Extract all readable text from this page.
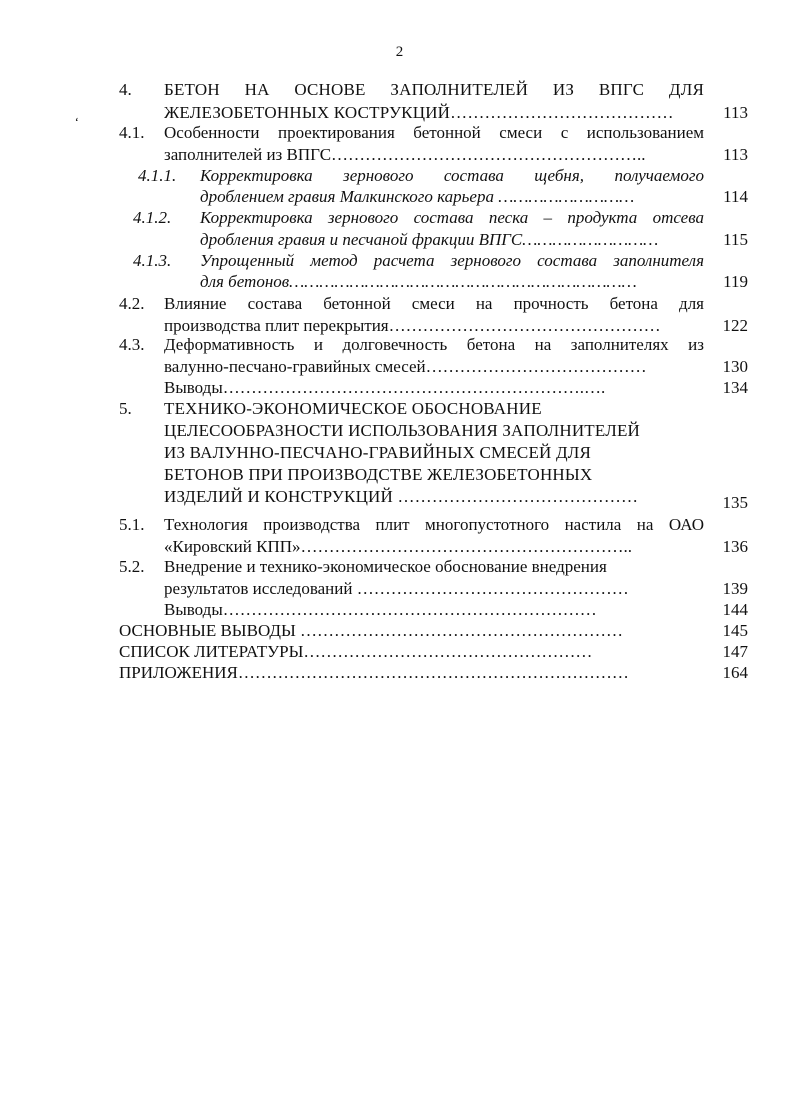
2
ʻ
4. БЕТОН НА ОСНОВЕ ЗАПОЛНИТЕЛЕЙ ИЗ ВПГС ДЛЯ
ЖЕЛЕЗОБЕТОННЫХ КОСТРУКЦИЙ…………………………………	113
4.1. Особенности проектирования бетонной смеси с использованием
заполнителей из ВПГС………………………………………………..	113
4.1.1. Корректировка зернового состава щебня, получаемого
дроблением гравия Малкинского карьера ………………………	114
4.1.2. Корректировка зернового состава песка – продукта отсева
дробления гравия и песчаной фракции ВПГС………………………	115
4.1.3. Упрощенный метод расчета зернового состава заполнителя
для бетонов……………………………………………………………	119
4.2. Влияние состава бетонной смеси на прочность бетона для
производства плит перекрытия…………………………………………	122
4.3. Деформативность и долговечность бетона на заполнителях из
валунно-песчано-гравийных смесей…………………………………	130
Выводы……………………………………………………….….	134
5. ТЕХНИКО-ЭКОНОМИЧЕСКОЕ ОБОСНОВАНИЕ
ЦЕЛЕСООБРАЗНОСТИ ИСПОЛЬЗОВАНИЯ ЗАПОЛНИТЕЛЕЙ
ИЗ ВАЛУННО-ПЕСЧАНО-ГРАВИЙНЫХ СМЕСЕЙ ДЛЯ
БЕТОНОВ ПРИ ПРОИЗВОДСТВЕ ЖЕЛЕЗОБЕТОННЫХ
ИЗДЕЛИЙ И КОНСТРУКЦИЙ ……………………………………	135
5.1. Технология производства плит многопустотного настила на ОАО
«Кировский КПП»…………………………………………………..	136
5.2. Внедрение и технико-экономическое обоснование внедрения
результатов исследований …………………………………………	139
Выводы…………………………………………………………	144
ОСНОВНЫЕ ВЫВОДЫ …………………………………………………	145
СПИСОК ЛИТЕРАТУРЫ……………………………………………	147
ПРИЛОЖЕНИЯ……………………………………………………………	164
